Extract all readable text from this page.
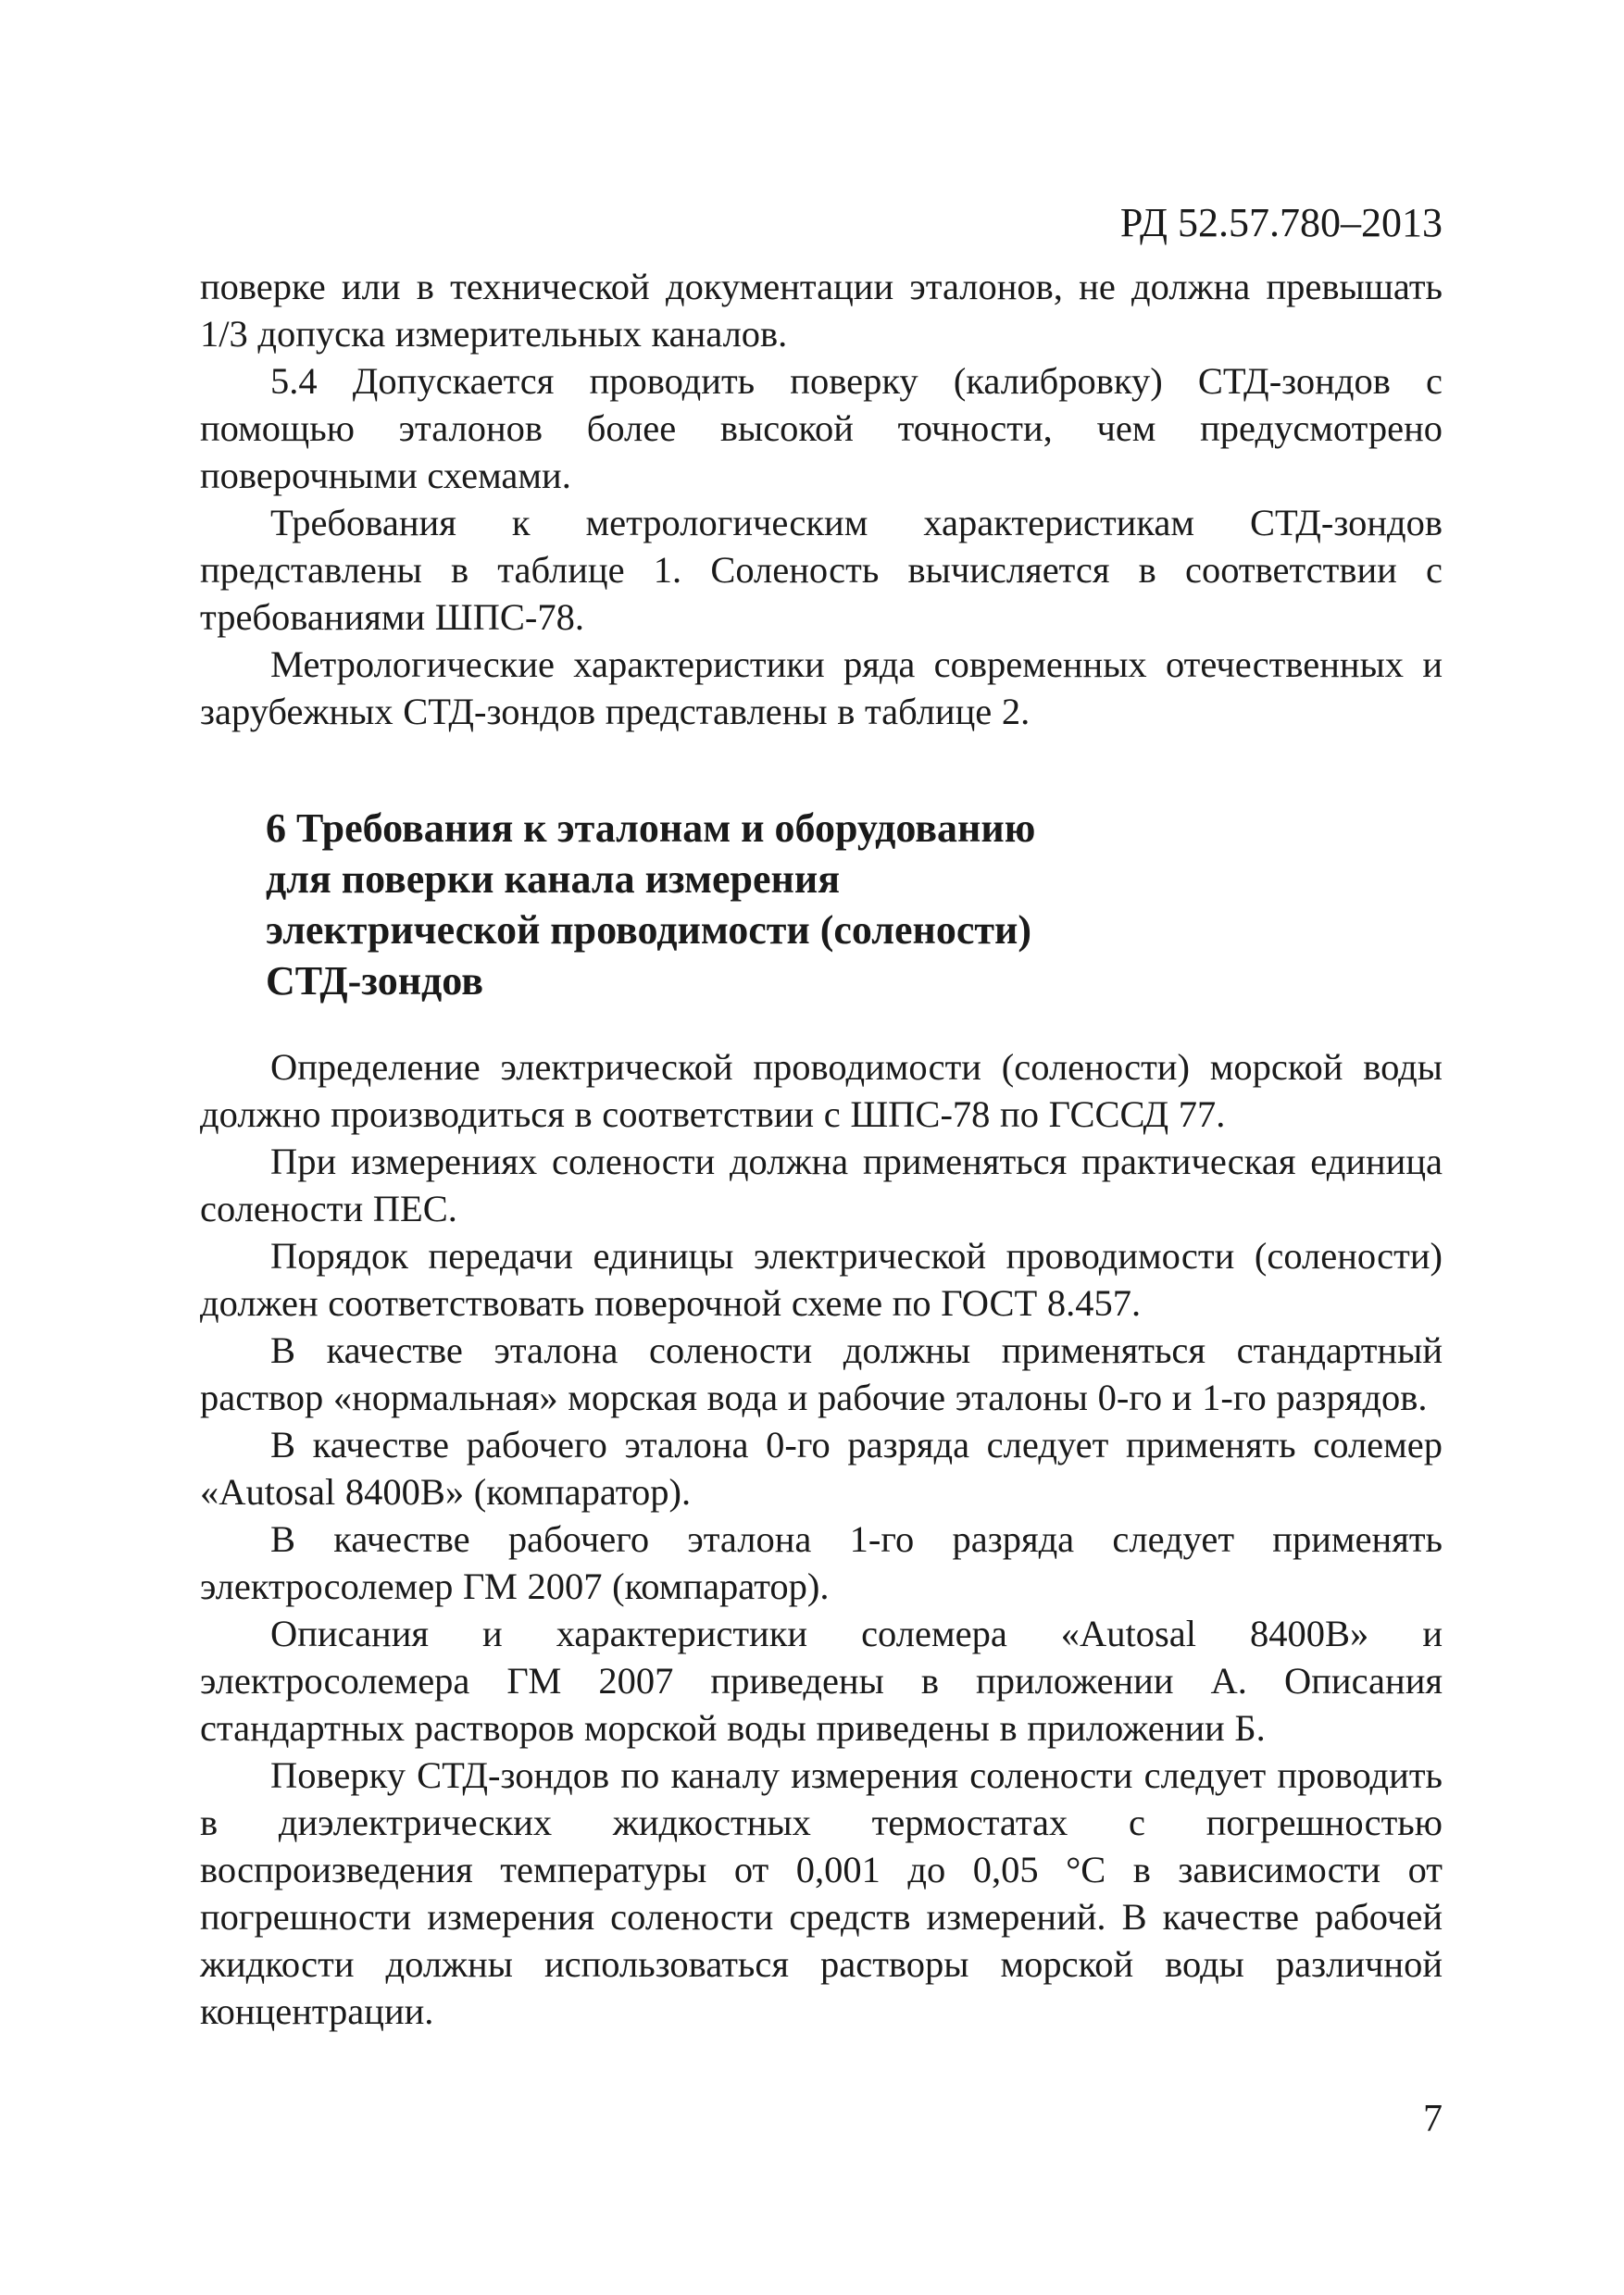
РД 52.57.780–2013

поверке или в технической документации эталонов, не должна превышать 1/3 допуска измерительных каналов.

5.4 Допускается проводить поверку (калибровку) СТД-зондов с помощью эталонов более высокой точности, чем предусмотрено поверочными схемами.

Требования к метрологическим характеристикам СТД-зондов представлены в таблице 1. Соленость вычисляется в соответствии с требованиями ШПС-78.

Метрологические характеристики ряда современных отечественных и зарубежных СТД-зондов представлены в таблице 2.

6 Требования к эталонам и оборудованию
для поверки канала измерения
электрической проводимости (солености)
СТД-зондов

Определение электрической проводимости (солености) морской воды должно производиться в соответствии с ШПС-78 по ГСССД 77.

При измерениях солености должна применяться практическая единица солености ПЕС.

Порядок передачи единицы электрической проводимости (солености) должен соответствовать поверочной схеме по ГОСТ 8.457.

В качестве эталона солености должны применяться стандартный раствор «нормальная» морская вода и рабочие эталоны 0-го и 1-го разрядов.

В качестве рабочего эталона 0-го разряда следует применять солемер «Autosal 8400B» (компаратор).

В качестве рабочего эталона 1-го разряда следует применять электросолемер ГМ 2007 (компаратор).

Описания и характеристики солемера «Autosal 8400B» и электросолемера ГМ 2007 приведены в приложении А. Описания стандартных растворов морской воды приведены в приложении Б.

Поверку СТД-зондов по каналу измерения солености следует проводить в диэлектрических жидкостных термостатах с погрешностью воспроизведения температуры от 0,001 до 0,05 °С в зависимости от погрешности измерения солености средств измерений. В качестве рабочей жидкости должны использоваться растворы морской воды различной концентрации.

7
